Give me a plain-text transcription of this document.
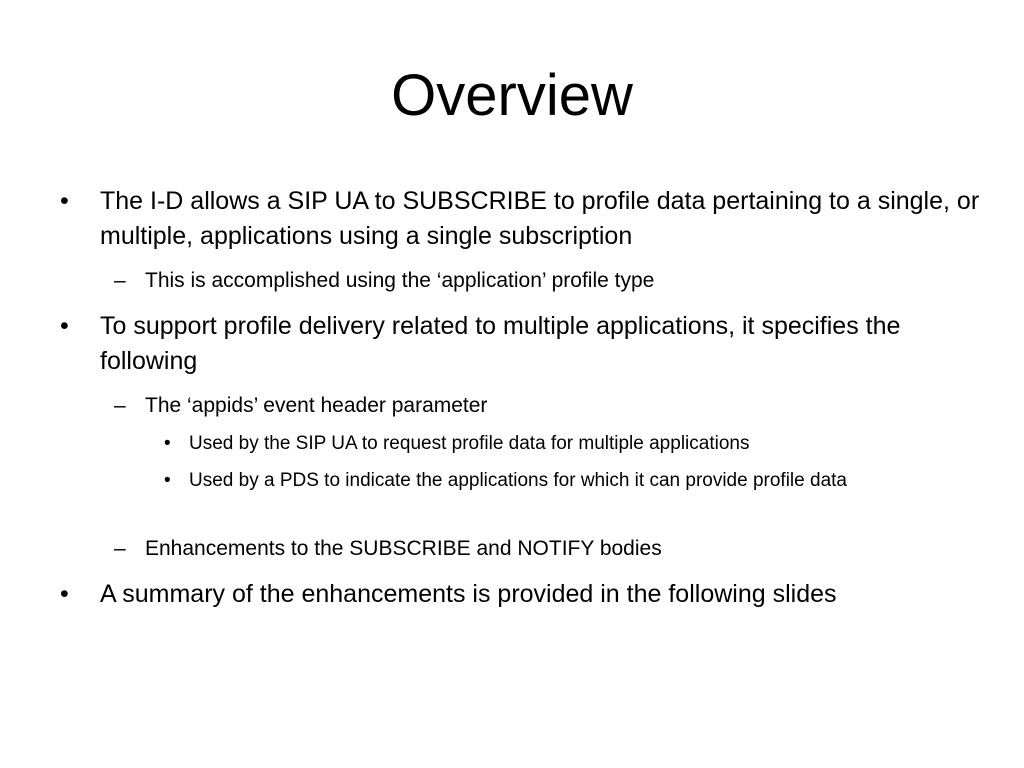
Overview

• The I-D allows a SIP UA to SUBSCRIBE to profile data pertaining to a single, or multiple, applications using a single subscription

– This is accomplished using the ‘application’ profile type

• To support profile delivery related to multiple applications, it specifies the following

– The ‘appids’ event header parameter

• Used by the SIP UA to request profile data for multiple applications

• Used by a PDS to indicate the applications for which it can provide profile data

– Enhancements to the SUBSCRIBE and NOTIFY bodies

• A summary of the enhancements is provided in the following slides
